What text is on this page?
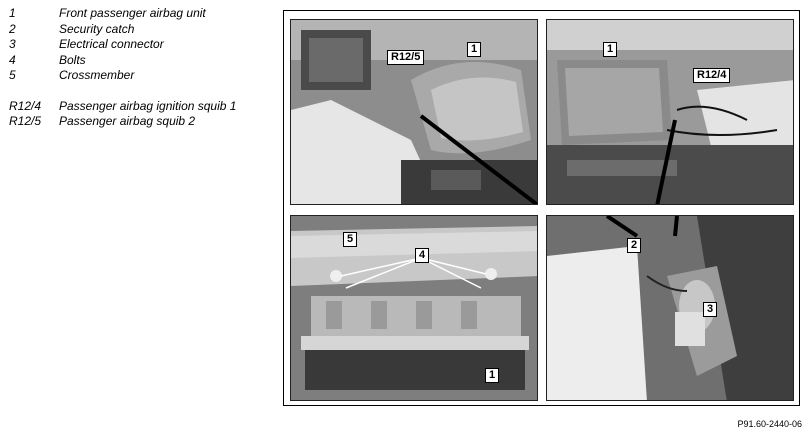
1	Front passenger airbag unit
2	Security catch
3	Electrical connector
4	Bolts
5	Crossmember
R12/4 Passenger airbag ignition squib 1
R12/5 Passenger airbag squib 2
R12/5
1	1
R12/4
5
4
1
2
3
P91.60-2440-06
